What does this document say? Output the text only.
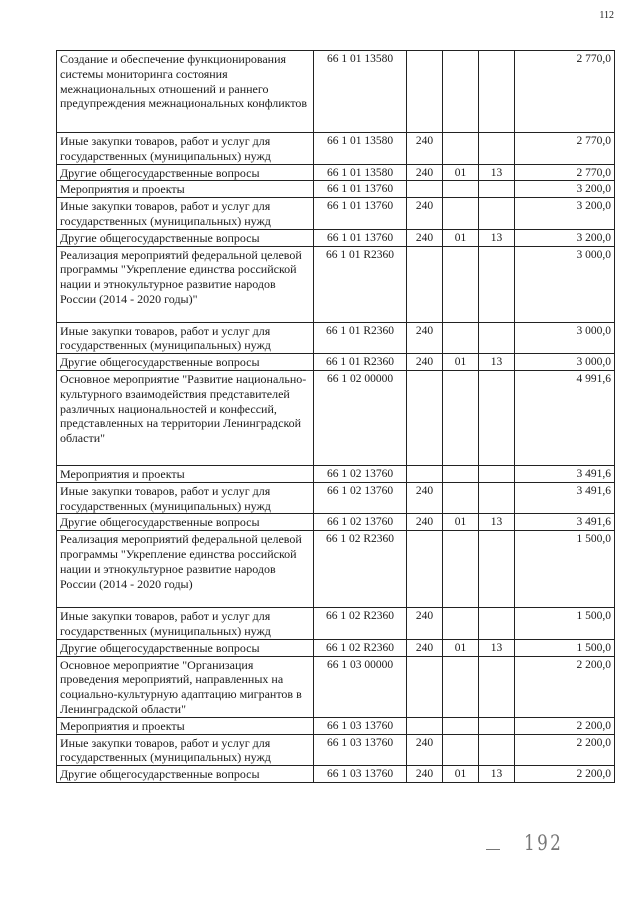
112
Создание и обеспечение функционирования системы мониторинга состояния межнациональных отношений и раннего предупреждения межнациональных конфликтов	66 1 01 13580				2 770,0
Иные закупки товаров, работ и услуг для государственных (муниципальных) нужд	66 1 01 13580	240			2 770,0
Другие общегосударственные вопросы	66 1 01 13580	240	01	13	2 770,0
Мероприятия и проекты	66 1 01 13760				3 200,0
Иные закупки товаров, работ и услуг для государственных (муниципальных) нужд	66 1 01 13760	240			3 200,0
Другие общегосударственные вопросы	66 1 01 13760	240	01	13	3 200,0
Реализация мероприятий федеральной целевой программы "Укрепление единства российской нации и этнокультурное развитие народов России (2014 - 2020 годы)"	66 1 01 R2360				3 000,0
Иные закупки товаров, работ и услуг для государственных (муниципальных) нужд	66 1 01 R2360	240			3 000,0
Другие общегосударственные вопросы	66 1 01 R2360	240	01	13	3 000,0
Основное мероприятие "Развитие национально-культурного взаимодействия представителей различных национальностей и конфессий, представленных на территории Ленинградской области"	66 1 02 00000				4 991,6
Мероприятия и проекты	66 1 02 13760				3 491,6
Иные закупки товаров, работ и услуг для государственных (муниципальных) нужд	66 1 02 13760	240			3 491,6
Другие общегосударственные вопросы	66 1 02 13760	240	01	13	3 491,6
Реализация мероприятий федеральной целевой программы "Укрепление единства российской нации и этнокультурное развитие народов России (2014 - 2020 годы)	66 1 02 R2360				1 500,0
Иные закупки товаров, работ и услуг для государственных (муниципальных) нужд	66 1 02 R2360	240			1 500,0
Другие общегосударственные вопросы	66 1 02 R2360	240	01	13	1 500,0
Основное мероприятие "Организация проведения мероприятий, направленных на социально-культурную адаптацию мигрантов в Ленинградской области"	66 1 03 00000				2 200,0
Мероприятия и проекты	66 1 03 13760				2 200,0
Иные закупки товаров, работ и услуг для государственных (муниципальных) нужд	66 1 03 13760	240			2 200,0
Другие общегосударственные вопросы	66 1 03 13760	240	01	13	2 200,0
192
